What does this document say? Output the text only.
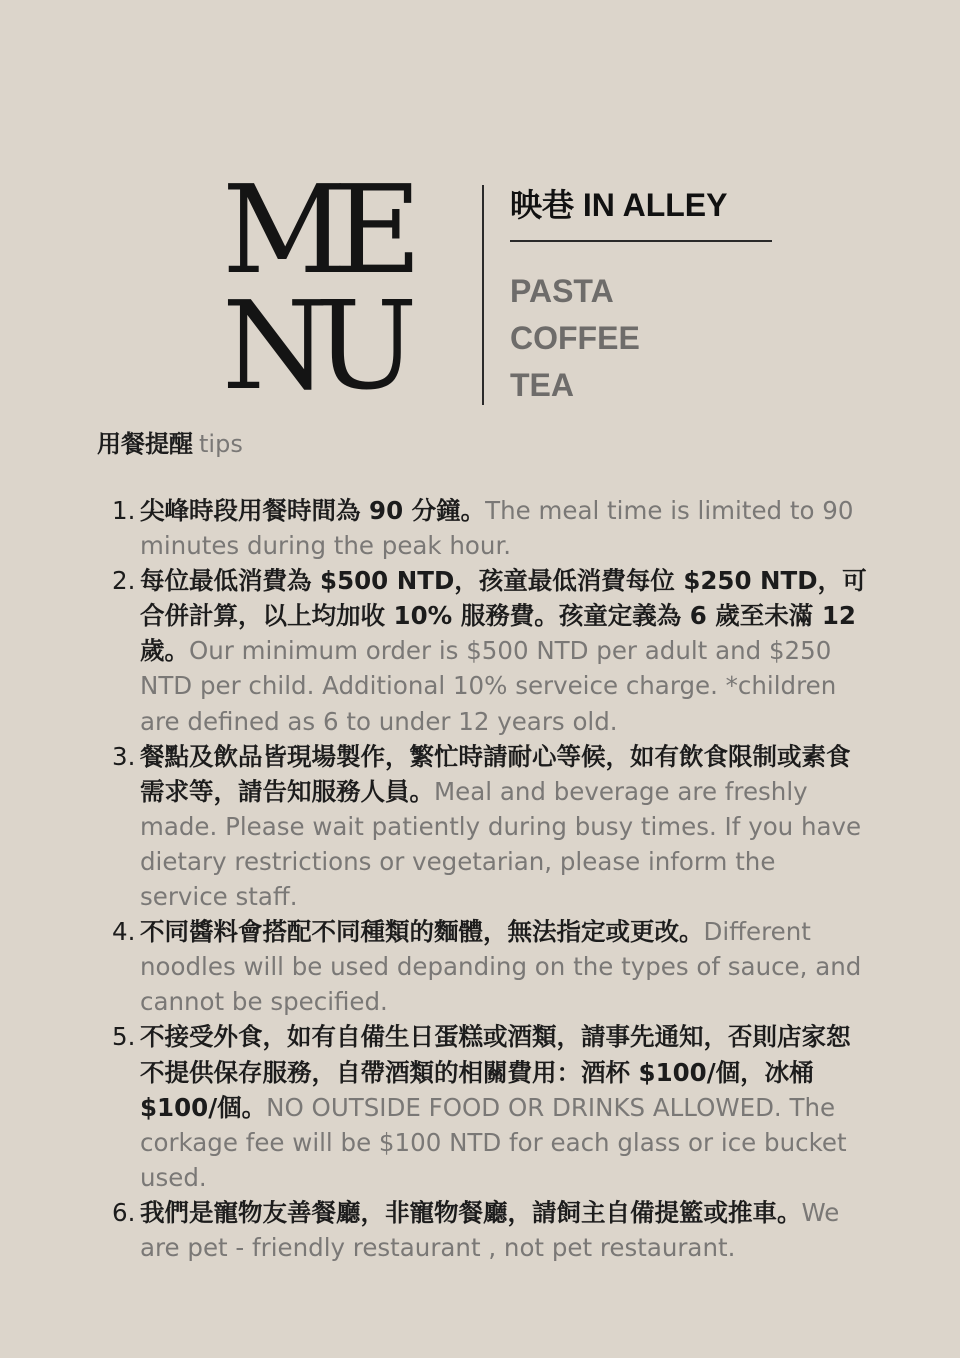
ME
NU
映巷 IN ALLEY
PASTA
COFFEE
TEA
用餐提醒 tips
1. 尖峰時段用餐時間為 90 分鐘。The meal time is limited to 90 minutes during the peak hour.
2. 每位最低消費為 $500 NTD，孩童最低消費每位 $250 NTD，可合併計算，以上均加收 10% 服務費。孩童定義為 6 歲至未滿 12 歲。Our minimum order is $500 NTD per adult and $250 NTD per child. Additional 10% serveice charge. *children are defined as 6 to under 12 years old.
3. 餐點及飲品皆現場製作，繁忙時請耐心等候，如有飲食限制或素食需求等，請告知服務人員。Meal and beverage are freshly made. Please wait patiently during busy times. If you have dietary restrictions or vegetarian, please inform the service staff.
4. 不同醬料會搭配不同種類的麵體，無法指定或更改。Different noodles will be used depanding on the types of sauce, and cannot be specified.
5. 不接受外食，如有自備生日蛋糕或酒類，請事先通知，否則店家恕不提供保存服務，自帶酒類的相關費用：酒杯 $100/個，冰桶 $100/個。NO OUTSIDE FOOD OR DRINKS ALLOWED. The corkage fee will be $100 NTD for each glass or ice bucket used.
6. 我們是寵物友善餐廳，非寵物餐廳，請飼主自備提籃或推車。We are pet - friendly restaurant , not pet restaurant.
